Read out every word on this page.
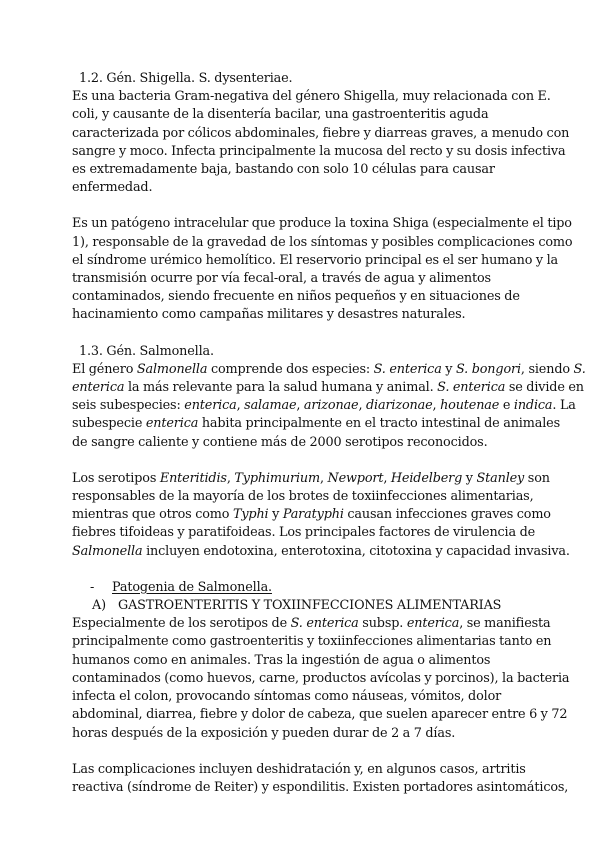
1.2. Gén. Shigella. S. dysenteriae.
Es una bacteria Gram-negativa del género Shigella, muy relacionada con E.
coli, y causante de la disentería bacilar, una gastroenteritis aguda
caracterizada por cólicos abdominales, fiebre y diarreas graves, a menudo con
sangre y moco. Infecta principalmente la mucosa del recto y su dosis infectiva
es extremadamente baja, bastando con solo 10 células para causar
enfermedad.
Es un patógeno intracelular que produce la toxina Shiga (especialmente el tipo
1), responsable de la gravedad de los síntomas y posibles complicaciones como
el síndrome urémico hemolítico. El reservorio principal es el ser humano y la
transmisión ocurre por vía fecal-oral, a través de agua y alimentos
contaminados, siendo frecuente en niños pequeños y en situaciones de
hacinamiento como campañas militares y desastres naturales.
1.3. Gén. Salmonella.
El género Salmonella comprende dos especies: S. enterica y S. bongori, siendo S.
enterica la más relevante para la salud humana y animal. S. enterica se divide en
seis subespecies: enterica, salamae, arizonae, diarizonae, houtenae e indica. La
subespecie enterica habita principalmente en el tracto intestinal de animales
de sangre caliente y contiene más de 2000 serotipos reconocidos.
Los serotipos Enteritidis, Typhimurium, Newport, Heidelberg y Stanley son
responsables de la mayoría de los brotes de toxiinfecciones alimentarias,
mientras que otros como Typhi y Paratyphi causan infecciones graves como
fiebres tifoideas y paratifoideas. Los principales factores de virulencia de
Salmonella incluyen endotoxina, enterotoxina, citotoxina y capacidad invasiva.
-	Patogenia de Salmonella.
A) GASTROENTERITIS Y TOXIINFECCIONES ALIMENTARIAS
Especialmente de los serotipos de S. enterica subsp. enterica, se manifiesta
principalmente como gastroenteritis y toxiinfecciones alimentarias tanto en
humanos como en animales. Tras la ingestión de agua o alimentos
contaminados (como huevos, carne, productos avícolas y porcinos), la bacteria
infecta el colon, provocando síntomas como náuseas, vómitos, dolor
abdominal, diarrea, fiebre y dolor de cabeza, que suelen aparecer entre 6 y 72
horas después de la exposición y pueden durar de 2 a 7 días.
Las complicaciones incluyen deshidratación y, en algunos casos, artritis
reactiva (síndrome de Reiter) y espondilitis. Existen portadores asintomáticos,
